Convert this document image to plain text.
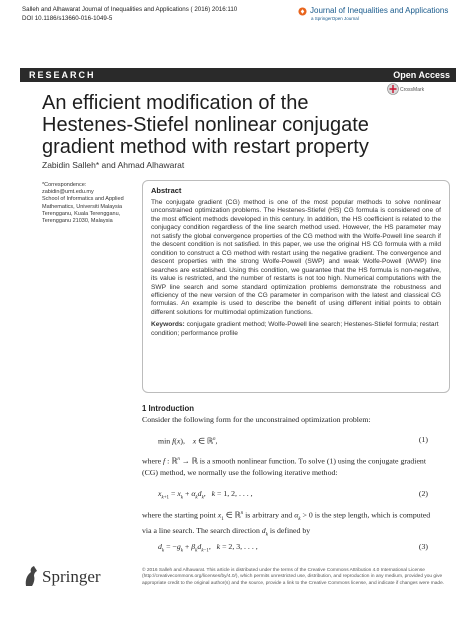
Salleh and Alhawarat Journal of Inequalities and Applications ( 2016) 2016:110
DOI 10.1186/s13660-016-1049-5
Journal of Inequalities and Applications
a SpringerOpen Journal
RESEARCH	Open Access
CrossMark
An efficient modification of the Hestenes-Stiefel nonlinear conjugate gradient method with restart property
Zabidin Salleh* and Ahmad Alhawarat
*Correspondence:
zabidin@umt.edu.my
School of Informatics and Applied
Mathematics, Universiti Malaysia
Terengganu, Kuala Terengganu,
Terengganu 21030, Malaysia
Abstract
The conjugate gradient (CG) method is one of the most popular methods to solve nonlinear unconstrained optimization problems. The Hestenes-Stiefel (HS) CG formula is considered one of the most efficient methods developed in this century. In addition, the HS coefficient is related to the conjugacy condition regardless of the line search method used. However, the HS parameter may not satisfy the global convergence properties of the CG method with the Wolfe-Powell line search if the descent condition is not satisfied. In this paper, we use the original HS CG formula with a mild condition to construct a CG method with restart using the negative gradient. The convergence and descent properties with the strong Wolfe-Powell (SWP) and weak Wolfe-Powell (WWP) line searches are established. Using this condition, we guarantee that the HS formula is non-negative, its value is restricted, and the number of restarts is not too high. Numerical computations with the SWP line search and some standard optimization problems demonstrate the robustness and efficiency of the new version of the CG parameter in comparison with the latest and classical CG formulas. An example is used to describe the benefit of using different initial points to obtain different solutions for multimodal optimization functions.
Keywords: conjugate gradient method; Wolfe-Powell line search; Hestenes-Stiefel formula; restart condition; performance profile
1 Introduction
Consider the following form for the unconstrained optimization problem:
min f(x),    x ∈ ℝ$^n$,	(1)
where f : ℝ$^n$ → ℝ is a smooth nonlinear function. To solve (1) using the conjugate gradient (CG) method, we normally use the following iterative method:
$x_{k+1} = x_k + \alpha_kd_k$,   k = 1, 2, . . . ,	(2)
where the starting point $x_1$ ∈ ℝ$^n$ is arbitrary and $\alpha_k > 0$ is the step length, which is computed via a line search. The search direction $d_k$ is defined by
$d_k = -g_k + \beta_kd_{k-1}$,   k = 2, 3, . . . ,	(3)
Springer	© 2016 Salleh and Alhawarat. This article is distributed under the terms of the Creative Commons Attribution 4.0 International License (http://creativecommons.org/licenses/by/4.0/), which permits unrestricted use, distribution, and reproduction in any medium, provided you give appropriate credit to the original author(s) and the source, provide a link to the Creative Commons license, and indicate if changes were made.
